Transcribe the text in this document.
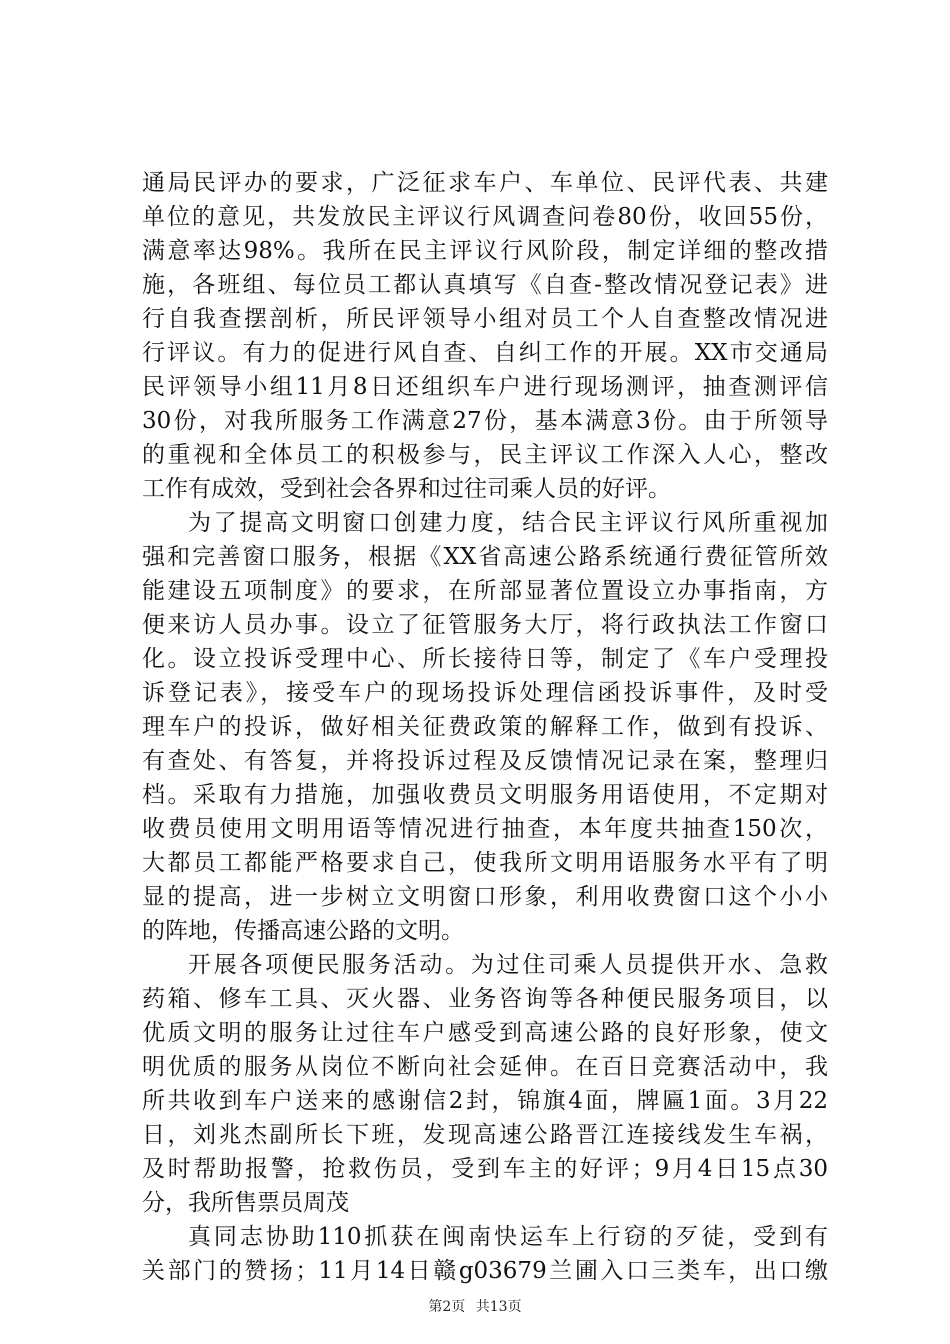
通局民评办的要求，广泛征求车户、车单位、民评代表、共建
单位的意见，共发放民主评议行风调查问卷80份，收回55份，
满意率达98%。我所在民主评议行风阶段，制定详细的整改措
施，各班组、每位员工都认真填写《自查-整改情况登记表》进
行自我查摆剖析，所民评领导小组对员工个人自查整改情况进
行评议。有力的促进行风自查、自纠工作的开展。XX市交通局
民评领导小组11月8日还组织车户进行现场测评，抽查测评信
30份，对我所服务工作满意27份，基本满意3份。由于所领导
的重视和全体员工的积极参与，民主评议工作深入人心，整改
工作有成效，受到社会各界和过往司乘人员的好评。
为了提高文明窗口创建力度，结合民主评议行风所重视加
强和完善窗口服务，根据《XX省高速公路系统通行费征管所效
能建设五项制度》的要求，在所部显著位置设立办事指南，方
便来访人员办事。设立了征管服务大厅，将行政执法工作窗口
化。设立投诉受理中心、所长接待日等，制定了《车户受理投
诉登记表》，接受车户的现场投诉处理信函投诉事件，及时受
理车户的投诉，做好相关征费政策的解释工作，做到有投诉、
有查处、有答复，并将投诉过程及反馈情况记录在案，整理归
档。采取有力措施，加强收费员文明服务用语使用，不定期对
收费员使用文明用语等情况进行抽查，本年度共抽查150次，
大都员工都能严格要求自己，使我所文明用语服务水平有了明
显的提高，进一步树立文明窗口形象，利用收费窗口这个小小
的阵地，传播高速公路的文明。
开展各项便民服务活动。为过住司乘人员提供开水、急救
药箱、修车工具、灭火器、业务咨询等各种便民服务项目，以
优质文明的服务让过往车户感受到高速公路的良好形象，使文
明优质的服务从岗位不断向社会延伸。在百日竞赛活动中，我
所共收到车户送来的感谢信2封，锦旗4面，牌匾1面。3月22
日，刘兆杰副所长下班，发现高速公路晋江连接线发生车祸，
及时帮助报警，抢救伤员，受到车主的好评；9月4日15点30
分，我所售票员周茂
真同志协助110抓获在闽南快运车上行窃的歹徒，受到有
关部门的赞扬；11月14日赣g03679兰圃入口三类车，出口缴
第2页 共13页
